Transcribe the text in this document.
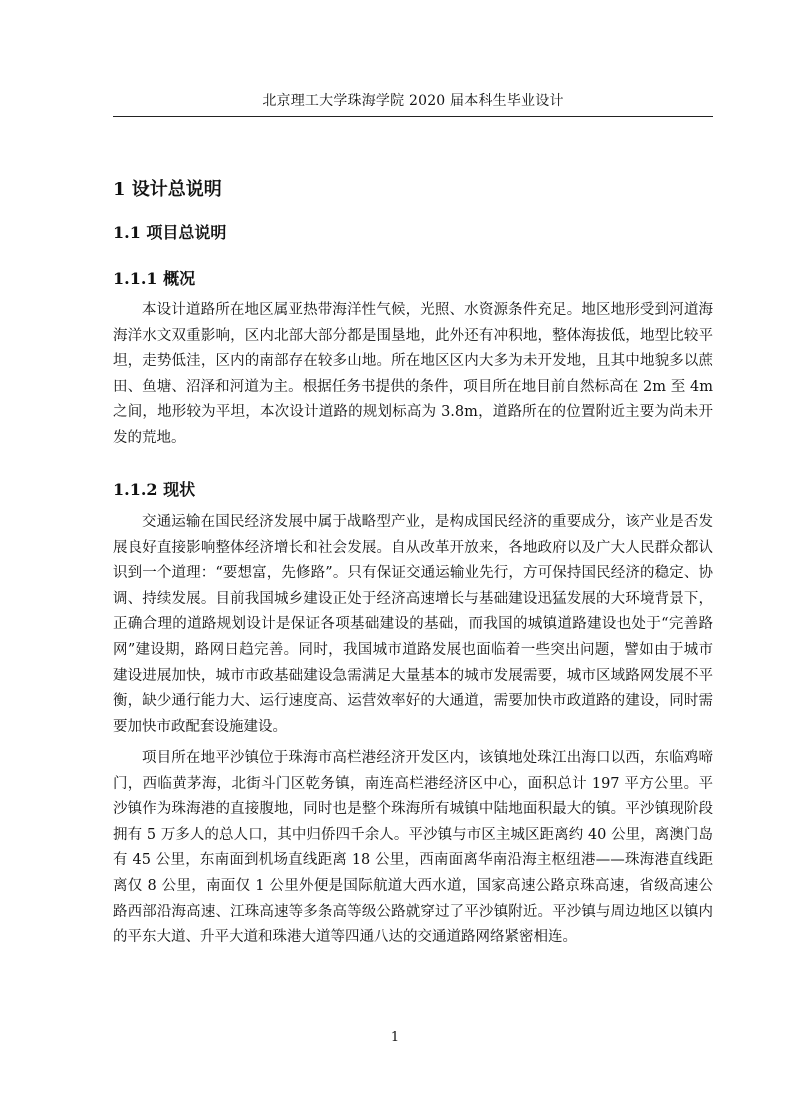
北京理工大学珠海学院 2020 届本科生毕业设计
1 设计总说明
1.1 项目总说明
1.1.1 概况

本设计道路所在地区属亚热带海洋性气候，光照、水资源条件充足。地区地形受到河道海海洋水文双重影响，区内北部大部分都是围垦地，此外还有冲积地，整体海拔低，地型比较平坦，走势低洼，区内的南部存在较多山地。所在地区区内大多为未开发地，且其中地貌多以蔗田、鱼塘、沼泽和河道为主。根据任务书提供的条件，项目所在地目前自然标高在 2m 至 4m 之间，地形较为平坦，本次设计道路的规划标高为 3.8m，道路所在的位置附近主要为尚未开发的荒地。

1.1.2 现状

交通运输在国民经济发展中属于战略型产业，是构成国民经济的重要成分，该产业是否发展良好直接影响整体经济增长和社会发展。自从改革开放来，各地政府以及广大人民群众都认识到一个道理：“要想富，先修路”。只有保证交通运输业先行，方可保持国民经济的稳定、协调、持续发展。目前我国城乡建设正处于经济高速增长与基础建设迅猛发展的大环境背景下，正确合理的道路规划设计是保证各项基础建设的基础，而我国的城镇道路建设也处于“完善路网”建设期，路网日趋完善。同时，我国城市道路发展也面临着一些突出问题，譬如由于城市建设进展加快，城市市政基础建设急需满足大量基本的城市发展需要，城市区域路网发展不平衡，缺少通行能力大、运行速度高、运营效率好的大通道，需要加快市政道路的建设，同时需要加快市政配套设施建设。

项目所在地平沙镇位于珠海市高栏港经济开发区内，该镇地处珠江出海口以西，东临鸡啼门，西临黄茅海，北街斗门区乾务镇，南连高栏港经济区中心，面积总计 197 平方公里。平沙镇作为珠海港的直接腹地，同时也是整个珠海所有城镇中陆地面积最大的镇。平沙镇现阶段拥有 5 万多人的总人口，其中归侨四千余人。平沙镇与市区主城区距离约 40 公里，离澳门岛有 45 公里，东南面到机场直线距离 18 公里，西南面离华南沿海主枢纽港——珠海港直线距离仅 8 公里，南面仅 1 公里外便是国际航道大西水道，国家高速公路京珠高速，省级高速公路西部沿海高速、江珠高速等多条高等级公路就穿过了平沙镇附近。平沙镇与周边地区以镇内的平东大道、升平大道和珠港大道等四通八达的交通道路网络紧密相连。

1
